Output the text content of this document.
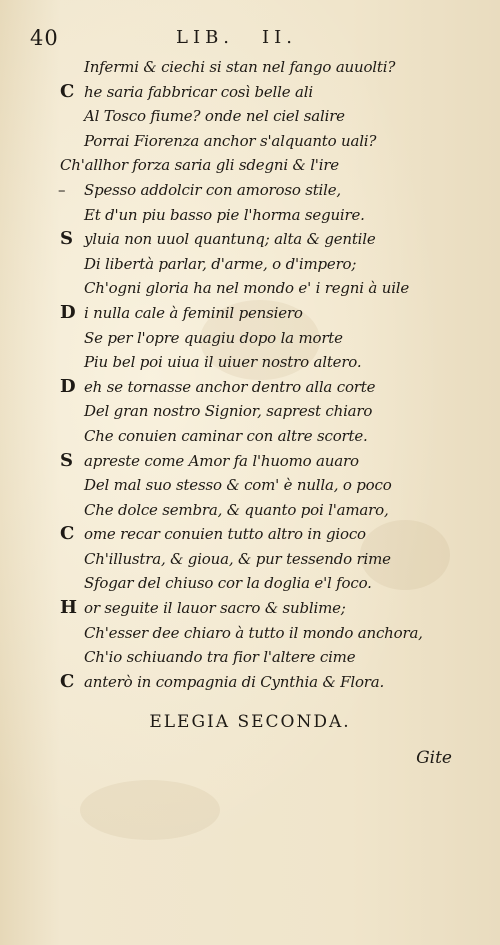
40	LIB. II.
Infermi & ciechi si stan nel fango auuolti?
C he saria fabbricar così belle ali
Al Tosco fiume? onde nel ciel salire
Porrai Fiorenza anchor s'alquanto uali?
Ch'allhor forza saria gli sdegni & l'ire
– Spesso addolcir con amoroso stile,
Et d'un piu basso pie l'horma seguire.
S yluia non uuol quantunq; alta & gentile
Di libertà parlar, d'arme, o d'impero;
Ch'ogni gloria ha nel mondo e' i regni à uile
D i nulla cale à feminil pensiero
Se per l'opre quagiu dopo la morte
Piu bel poi uiua il uiuer nostro altero.
D eh se tornasse anchor dentro alla corte
Del gran nostro Signior, saprest chiaro
Che conuien caminar con altre scorte.
S apreste come Amor fa l'huomo auaro
Del mal suo stesso & com' è nulla, o poco
Che dolce sembra, & quanto poi l'amaro,
C ome recar conuien tutto altro in gioco
Ch'illustra, & gioua, & pur tessendo rime
Sfogar del chiuso cor la doglia e'l foco.
H or seguite il lauor sacro & sublime;
Ch'esser dee chiaro à tutto il mondo anchora,
Ch'io schiuando tra fior l'altere cime
C anterò in compagnia di Cynthia & Flora.
ELEGIA SECONDA.
Gite
